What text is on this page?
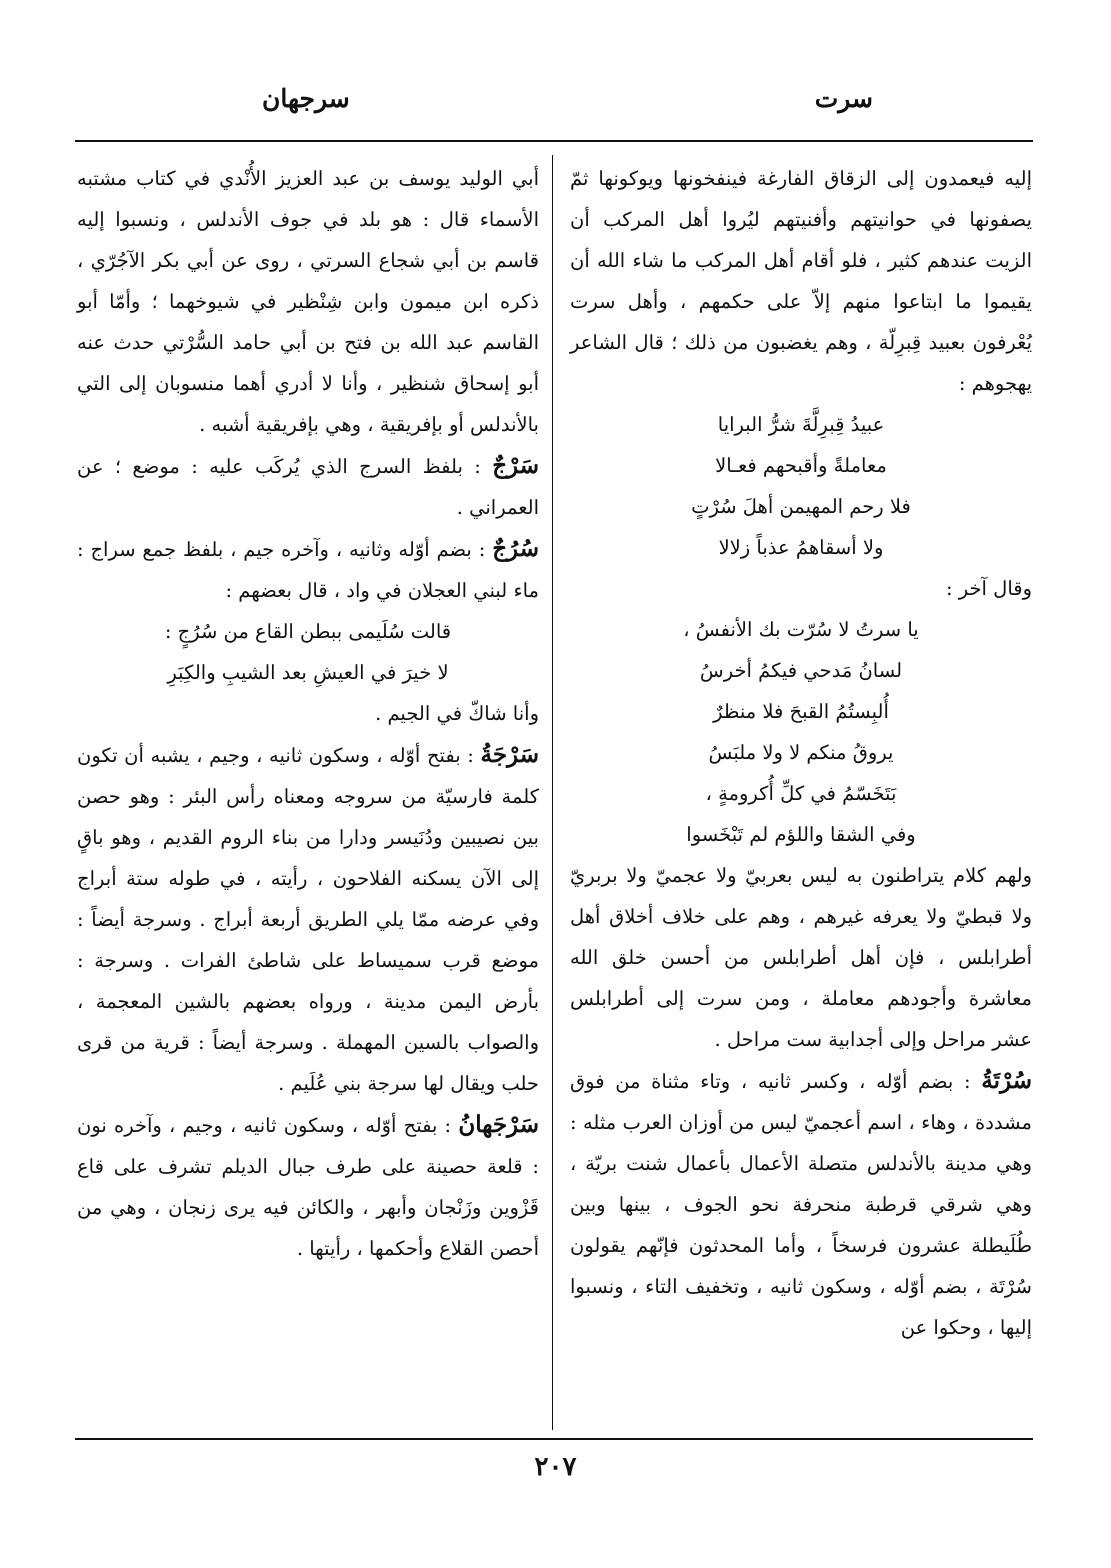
سرت
سرجهان

إليه فيعمدون إلى الزقاق الفارغة فينفخونها ويوكونها ثمّ يصفونها في حوانيتهم وأفنيتهم ليُروا أهل المركب أن الزيت عندهم كثير ، فلو أقام أهل المركب ما شاء الله أن يقيموا ما ابتاعوا منهم إلاّ على حكمهم ، وأهل سرت يُعْرفون بعبيد قِبرِلّة ، وهم يغضبون من ذلك ؛ قال الشاعر يهجوهم :

عبيدُ قِبرِلَّةَ شرُّ البرايا
معاملةً وأقبحهم فعـالا
فلا رحم المهيمن أهلَ سُرْتٍ
ولا أسقاهمُ عذباً زلالا

وقال آخر :

يا سرتُ لا سُرّت بك الأنفسُ ،
لسانُ مَدحي فيكمُ أخرسُ
أُلبِستُمُ القبحَ فلا منظرٌ
يروقُ منكم لا ولا ملبَسُ
بَتَخَسّمُ في كلِّ أُكرومةٍ ،
وفي الشقا واللؤم لم تَبْخَسوا

ولهم كلام يتراطنون به ليس بعربيّ ولا عجميّ ولا بربريّ ولا قبطيّ ولا يعرفه غيرهم ، وهم على خلاف أخلاق أهل أطرابلس ، فإن أهل أطرابلس من أحسن خلق الله معاشرة وأجودهم معاملة ، ومن سرت إلى أطرابلس عشر مراحل وإلى أجدابية ست مراحل .

سُرْتَةُ : بضم أوّله ، وكسر ثانيه ، وتاء مثناة من فوق مشددة ، وهاء ، اسم أعجميّ ليس من أوزان العرب مثله : وهي مدينة بالأندلس متصلة الأعمال بأعمال شنت بريّة ، وهي شرقي قرطبة منحرفة نحو الجوف ، بينها وبين طُلَيطلة عشرون فرسخاً ، وأما المحدثون فإنّهم يقولون سُرْتَة ، بضم أوّله ، وسكون ثانيه ، وتخفيف التاء ، ونسبوا إليها ، وحكوا عن

أبي الوليد يوسف بن عبد العزيز الأُنْدي في كتاب مشتبه الأسماء قال : هو بلد في جوف الأندلس ، ونسبوا إليه قاسم بن أبي شجاع السرتي ، روى عن أبي بكر الآجُرّي ، ذكره ابن ميمون وابن شِنْظير في شيوخهما ؛ وأمّا أبو القاسم عبد الله بن فتح بن أبي حامد السُّرْتي حدث عنه أبو إسحاق شنظير ، وأنا لا أدري أهما منسوبان إلى التي بالأندلس أو بإفريقية ، وهي بإفريقية أشبه .

سَرْجٌ : بلفظ السرج الذي يُركَب عليه : موضع ؛ عن العمراني .

سُرُجٌ : بضم أوّله وثانيه ، وآخره جيم ، بلفظ جمع سراج : ماء لبني العجلان في واد ، قال بعضهم :

قالت سُلَيمى ببطن القاع من سُرُجٍ :
لا خيرَ في العيشِ بعد الشيبِ والكِبَرِ

وأنا شاكّ في الجيم .

سَرْجَةُ : بفتح أوّله ، وسكون ثانيه ، وجيم ، يشبه أن تكون كلمة فارسيّة من سروجه ومعناه رأس البئر : وهو حصن بين نصيبين ودُنَيسر ودارا من بناء الروم القديم ، وهو باقٍ إلى الآن يسكنه الفلاحون ، رأيته ، في طوله ستة أبراج وفي عرضه ممّا يلي الطريق أربعة أبراج . وسرجة أيضاً : موضع قرب سميساط على شاطئ الفرات . وسرجة : بأرض اليمن مدينة ، ورواه بعضهم بالشين المعجمة ، والصواب بالسين المهملة . وسرجة أيضاً : قرية من قرى حلب ويقال لها سرجة بني عُلَيم .

سَرْجَهانُ : بفتح أوّله ، وسكون ثانيه ، وجيم ، وآخره نون : قلعة حصينة على طرف جبال الديلم تشرف على قاع قَزْوين وزَنْجان وأبهر ، والكائن فيه يرى زنجان ، وهي من أحصن القلاع وأحكمها ، رأيتها .

٢٠٧
